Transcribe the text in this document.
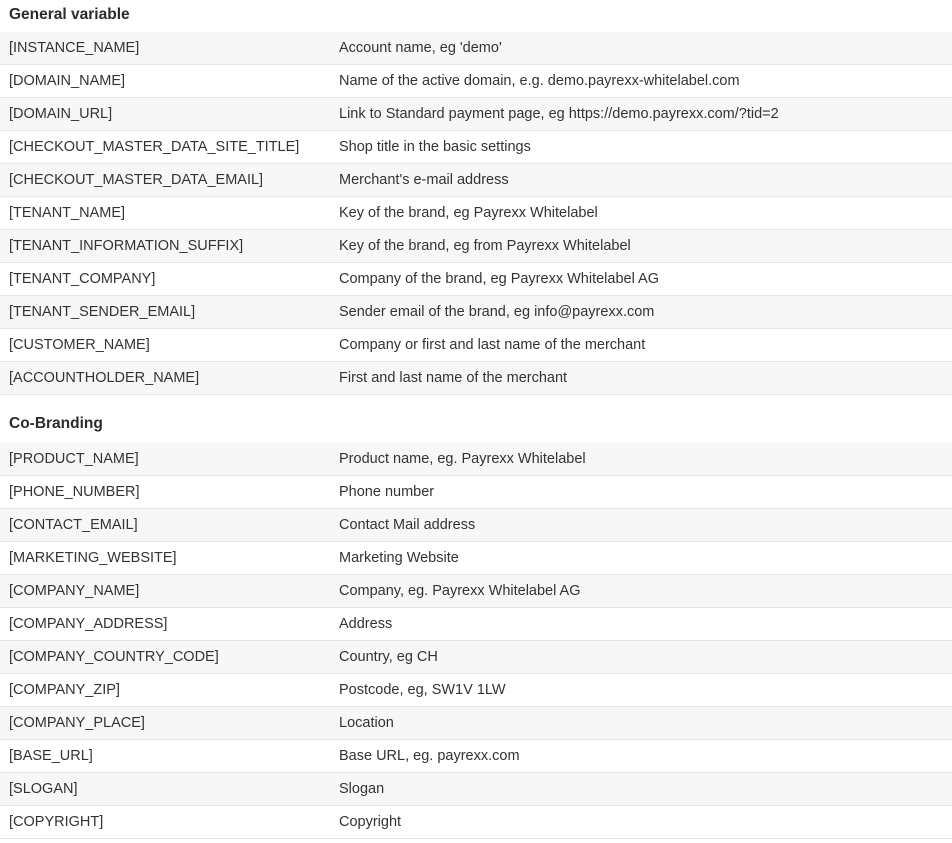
General variable
[INSTANCE_NAME]	Account name, eg 'demo'
[DOMAIN_NAME]	Name of the active domain, e.g. demo.payrexx-whitelabel.com
[DOMAIN_URL]	Link to Standard payment page, eg https://demo.payrexx.com/?tid=2
[CHECKOUT_MASTER_DATA_SITE_TITLE]	Shop title in the basic settings
[CHECKOUT_MASTER_DATA_EMAIL]	Merchant's e-mail address
[TENANT_NAME]	Key of the brand, eg Payrexx Whitelabel
[TENANT_INFORMATION_SUFFIX]	Key of the brand, eg from Payrexx Whitelabel
[TENANT_COMPANY]	Company of the brand, eg Payrexx Whitelabel AG
[TENANT_SENDER_EMAIL]	Sender email of the brand, eg info@payrexx.com
[CUSTOMER_NAME]	Company or first and last name of the merchant
[ACCOUNTHOLDER_NAME]	First and last name of the merchant
Co-Branding
[PRODUCT_NAME]	Product name, eg. Payrexx Whitelabel
[PHONE_NUMBER]	Phone number
[CONTACT_EMAIL]	Contact Mail address
[MARKETING_WEBSITE]	Marketing Website
[COMPANY_NAME]	Company, eg. Payrexx Whitelabel AG
[COMPANY_ADDRESS]	Address
[COMPANY_COUNTRY_CODE]	Country, eg CH
[COMPANY_ZIP]	Postcode, eg, SW1V 1LW
[COMPANY_PLACE]	Location
[BASE_URL]	Base URL, eg. payrexx.com
[SLOGAN]	Slogan
[COPYRIGHT]	Copyright
